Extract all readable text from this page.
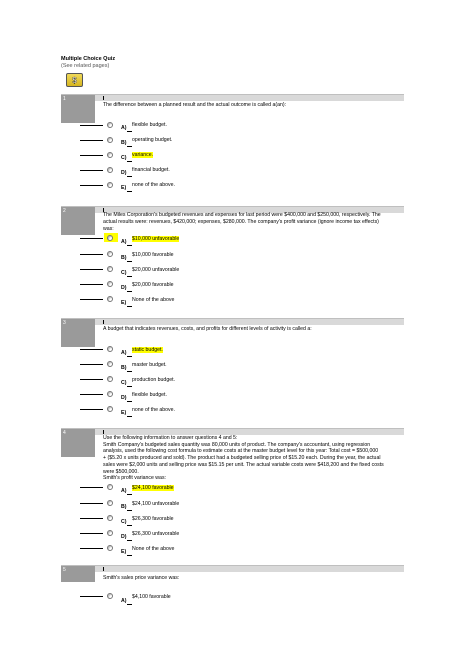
Multiple Choice Quiz
(See related pages)
$
1
The difference between a planned result and the actual outcome is called a(an):
A) flexible budget.
B) operating budget.
C) variance.
D) financial budget.
E) none of the above.
2
The Miles Corporation's budgeted revenues and expenses for last period were $400,000 and $250,000, respectively. The
actual results were: revenues, $420,000; expenses, $280,000. The company's profit variance (ignore income tax effects)
was:
A) $10,000 unfavorable
B) $10,000 favorable
C) $20,000 unfavorable
D) $20,000 favorable
E) None of the above
3
A budget that indicates revenues, costs, and profits for different levels of activity is called a:
A) static budget.
B) master budget.
C) production budget.
D) flexible budget.
E) none of the above.
4
Use the following information to answer questions 4 and 5:
Smith Company's budgeted sales quantity was 80,000 units of product. The company's accountant, using regression
analysis, used the following cost formula to estimate costs at the master budget level for this year: Total cost = $500,000
+ ($5.20 x units produced and sold). The product had a budgeted selling price of $15.20 each. During the year, the actual
sales were $2,000 units and selling price was $15.15 per unit. The actual variable costs were $418,200 and the fixed costs
were $500,000.
Smith's profit variance was:
A) $24,100 favorable
B) $24,100 unfavorable
C) $26,300 favorable
D) $26,300 unfavorable
E) None of the above
5
Smith's sales price variance was:
A)
$4,100 favorable
